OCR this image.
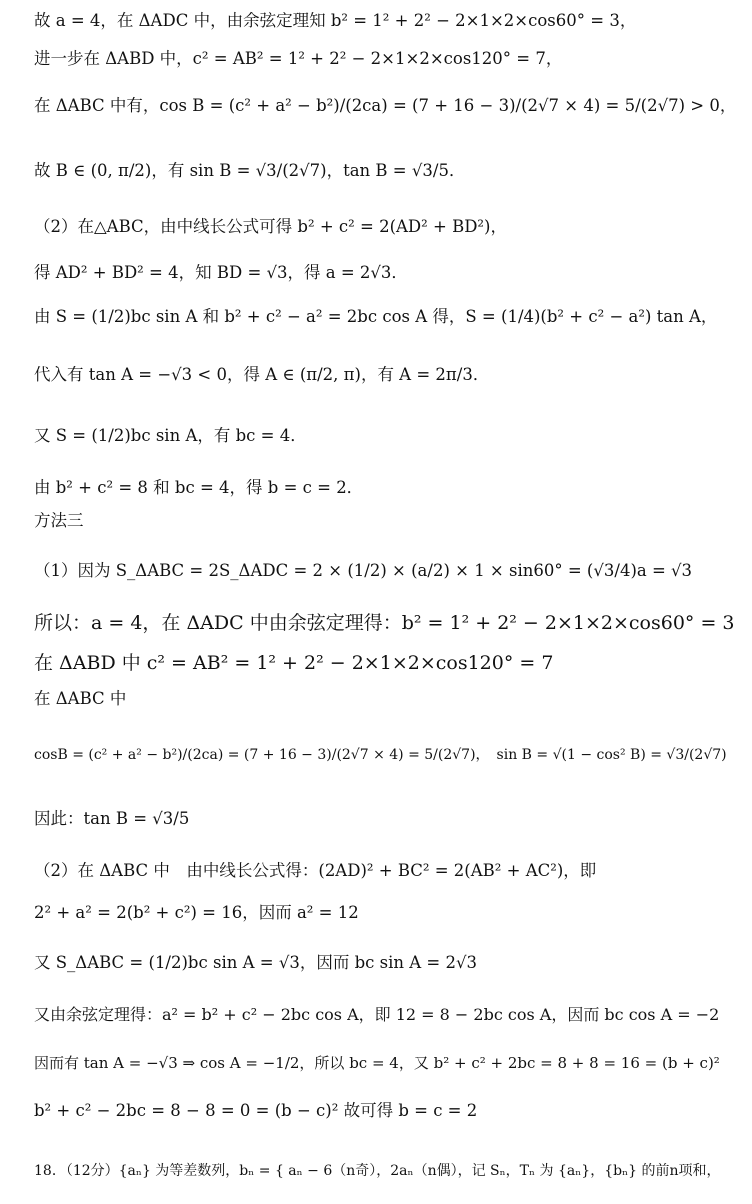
故 a = 4，在 ΔADC 中，由余弦定理知 b² = 1² + 2² − 2×1×2×cos60° = 3，
进一步在 ΔABD 中，c² = AB² = 1² + 2² − 2×1×2×cos120° = 7，
在 ΔABC 中有，cos B = (c² + a² − b²)/(2ca) = (7 + 16 − 3)/(2√7 × 4) = 5/(2√7) > 0，
故 B ∈ (0, π/2)，有 sin B = √3/(2√7)，tan B = √3/5．
（2）在△ABC，由中线长公式可得 b² + c² = 2(AD² + BD²)，
得 AD² + BD² = 4，知 BD = √3，得 a = 2√3．
由 S = (1/2)bc sin A 和 b² + c² − a² = 2bc cos A 得，S = (1/4)(b² + c² − a²) tan A，
代入有 tan A = −√3 < 0，得 A ∈ (π/2, π)，有 A = 2π/3．
又 S = (1/2)bc sin A，有 bc = 4．
由 b² + c² = 8 和 bc = 4，得 b = c = 2．
方法三
（1）因为 S_ΔABC = 2S_ΔADC = 2 × (1/2) × (a/2) × 1 × sin60° = (√3/4)a = √3
所以：a = 4，在 ΔADC 中由余弦定理得：b² = 1² + 2² − 2×1×2×cos60° = 3
在 ΔABD 中 c² = AB² = 1² + 2² − 2×1×2×cos120° = 7
在 ΔABC 中
cosB = (c² + a² − b²)/(2ca) = (7 + 16 − 3)/(2√7 × 4) = 5/(2√7)，　sin B = √(1 − cos² B) = √3/(2√7)
因此：tan B = √3/5
（2）在 ΔABC 中　由中线长公式得：(2AD)² + BC² = 2(AB² + AC²)，即
2² + a² = 2(b² + c²) = 16，因而 a² = 12
又 S_ΔABC = (1/2)bc sin A = √3，因而 bc sin A = 2√3
又由余弦定理得：a² = b² + c² − 2bc cos A，即 12 = 8 − 2bc cos A，因而 bc cos A = −2
因而有 tan A = −√3 ⇒ cos A = −1/2，所以 bc = 4，又 b² + c² + 2bc = 8 + 8 = 16 = (b + c)²
b² + c² − 2bc = 8 − 8 = 0 = (b − c)² 故可得 b = c = 2
18．（12分）{aₙ} 为等差数列，bₙ = { aₙ − 6（n奇），2aₙ（n偶），记 Sₙ，Tₙ 为 {aₙ}，{bₙ} 的前n项和，
